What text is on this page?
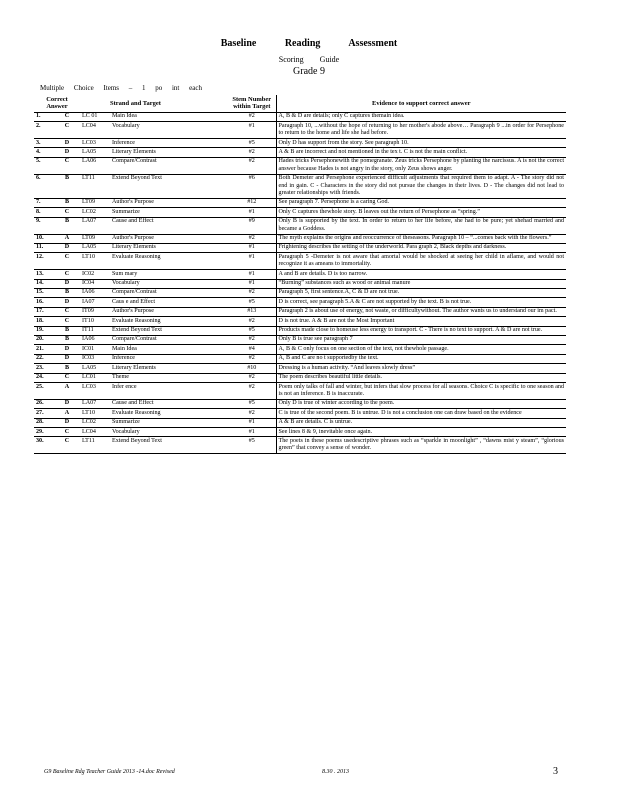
Baseline Reading Assessment
Scoring Guide
Grade 9
Multiple Choice Items – 1 po int each
Correct Answer		Strand and Target		Stem Number within Target	Evidence to support correct answer
1.	C	LC 01	Main Idea	#2	A, B & D are details; only C captures themain idea.
2.	C	LC04	Vocabulary	#1	Paragraph 10, ...without the hope of returning to her mother's abode above… Paragraph 9 ...in order for Persephone to return to the home and life she had before.
3.	D	LC03	Inference	#5	Only D has support from the story. See paragraph 10.
4.	D	LA05	Literary Elements	#2	A & B are incorrect and not mentioned in the tex t. C is not the main conflict.
5.	C	LA06	Compare/Contrast	#2	Hades tricks Persephonewith the pomegranate. Zeus tricks Persephone by planting the narcissus. A is not the correct answer because Hades is not angry in the story, only Zeus shows anger.
6.	B	LT11	Extend Beyond Text	#6	Both Demeter and Persephone experienced difficult adjustments that required them to adapt. A - The story did not end in gain. C - Characters in the story did not pursue the changes in their lives. D - The changes did not lead to greater relationships with friends.
7.	B	LT09	Author's Purpose	#12	See paragraph 7. Persephone is a caring God.
8.	C	LC02	Summarize	#1	Only C captures thewhole story. B leaves out the return of Persephone as “spring.”
9.	B	LA07	Cause and Effect	#9	Only B is supported by the text. In order to return to her life before, she had to be pure; yet shehad married and became a Goddess.
10.	A	LT09	Author's Purpose	#2	The myth explains the origins and reoccurrence of theseasons. Paragraph 10 – “...comes back with the flowers.”
11.	D	LA05	Literary Elements	#1	Frightening describes the setting of the underworld. Para graph 2, Black depths and darkness.
12.	C	LT10	Evaluate Reasoning	#1	Paragraph 5 -Demeter is not aware that amortal would be shocked at seeing her child in aflame, and would not recognize it as ameans to immortality.
13.	C	IC02	Sum mary	#1	A and B are details. D is too narrow.
14.	D	IC04	Vocabulary	#1	“Burning” substances such as wood or animal manure
15.	B	IA06	Compare/Contrast	#2	Paragraph 5, first sentence.A, C & D are not true.
16.	D	IA07	Caus e and Effect	#5	D is correct, see paragraph 5.A & C are not supported by the text. B is not true.
17.	C	IT09	Author's Purpose	#13	Paragraph 2 is about use of energy, not waste, or difficultywithout. The author wants us to understand our im pact.
18.	C	IT10	Evaluate Reasoning	#2	D is not true. A & B are not the Most Important
19.	B	IT11	Extend Beyond Text	#5	Products made close to homeuse less energy to transport. C - There is no text to support. A & D are not true.
20.	B	IA06	Compare/Contrast	#2	Only B is true see paragraph 7
21.	D	IC01	Main Idea	#4	A, B & C only focus on one section of the text, not thewhole passage.
22.	D	IC03	Inference	#2	A, B and C are no t supportedby the text.
23.	B	LA05	Literary Elements	#10	Dressing is a human activity. “And leaves slowly dress”
24.	C	LC01	Theme	#2	The poem describes beautiful little details.
25.	A	LC03	Infer ence	#2	Poem only talks of fall and winter, but infers that slow process for all seasons. Choice C is specific to one season and is not an inference. B is inaccurate.
26.	D	LA07	Cause and Effect	#5	Only D is true of winter according to the poem.
27.	A	LT10	Evaluate Reasoning	#2	C is true of the second poem. B is untrue. D is not a conclusion one can draw based on the evidence
28.	D	LC02	Summarize	#1	A & B are details. C is untrue.
29.	C	LC04	Vocabulary	#1	See lines 8 & 9, inevitable once again.
30.	C	LT11	Extend Beyond Text	#5	The poets in these poems usedescriptive phrases such as “sparkle in moonlight” , “dawns mist y steam”, “glorious green” that convey a sense of wonder.
G9 Baseline Rdg Teacher Guide 2013 -14.doc Revised	8.30 . 2013	3
